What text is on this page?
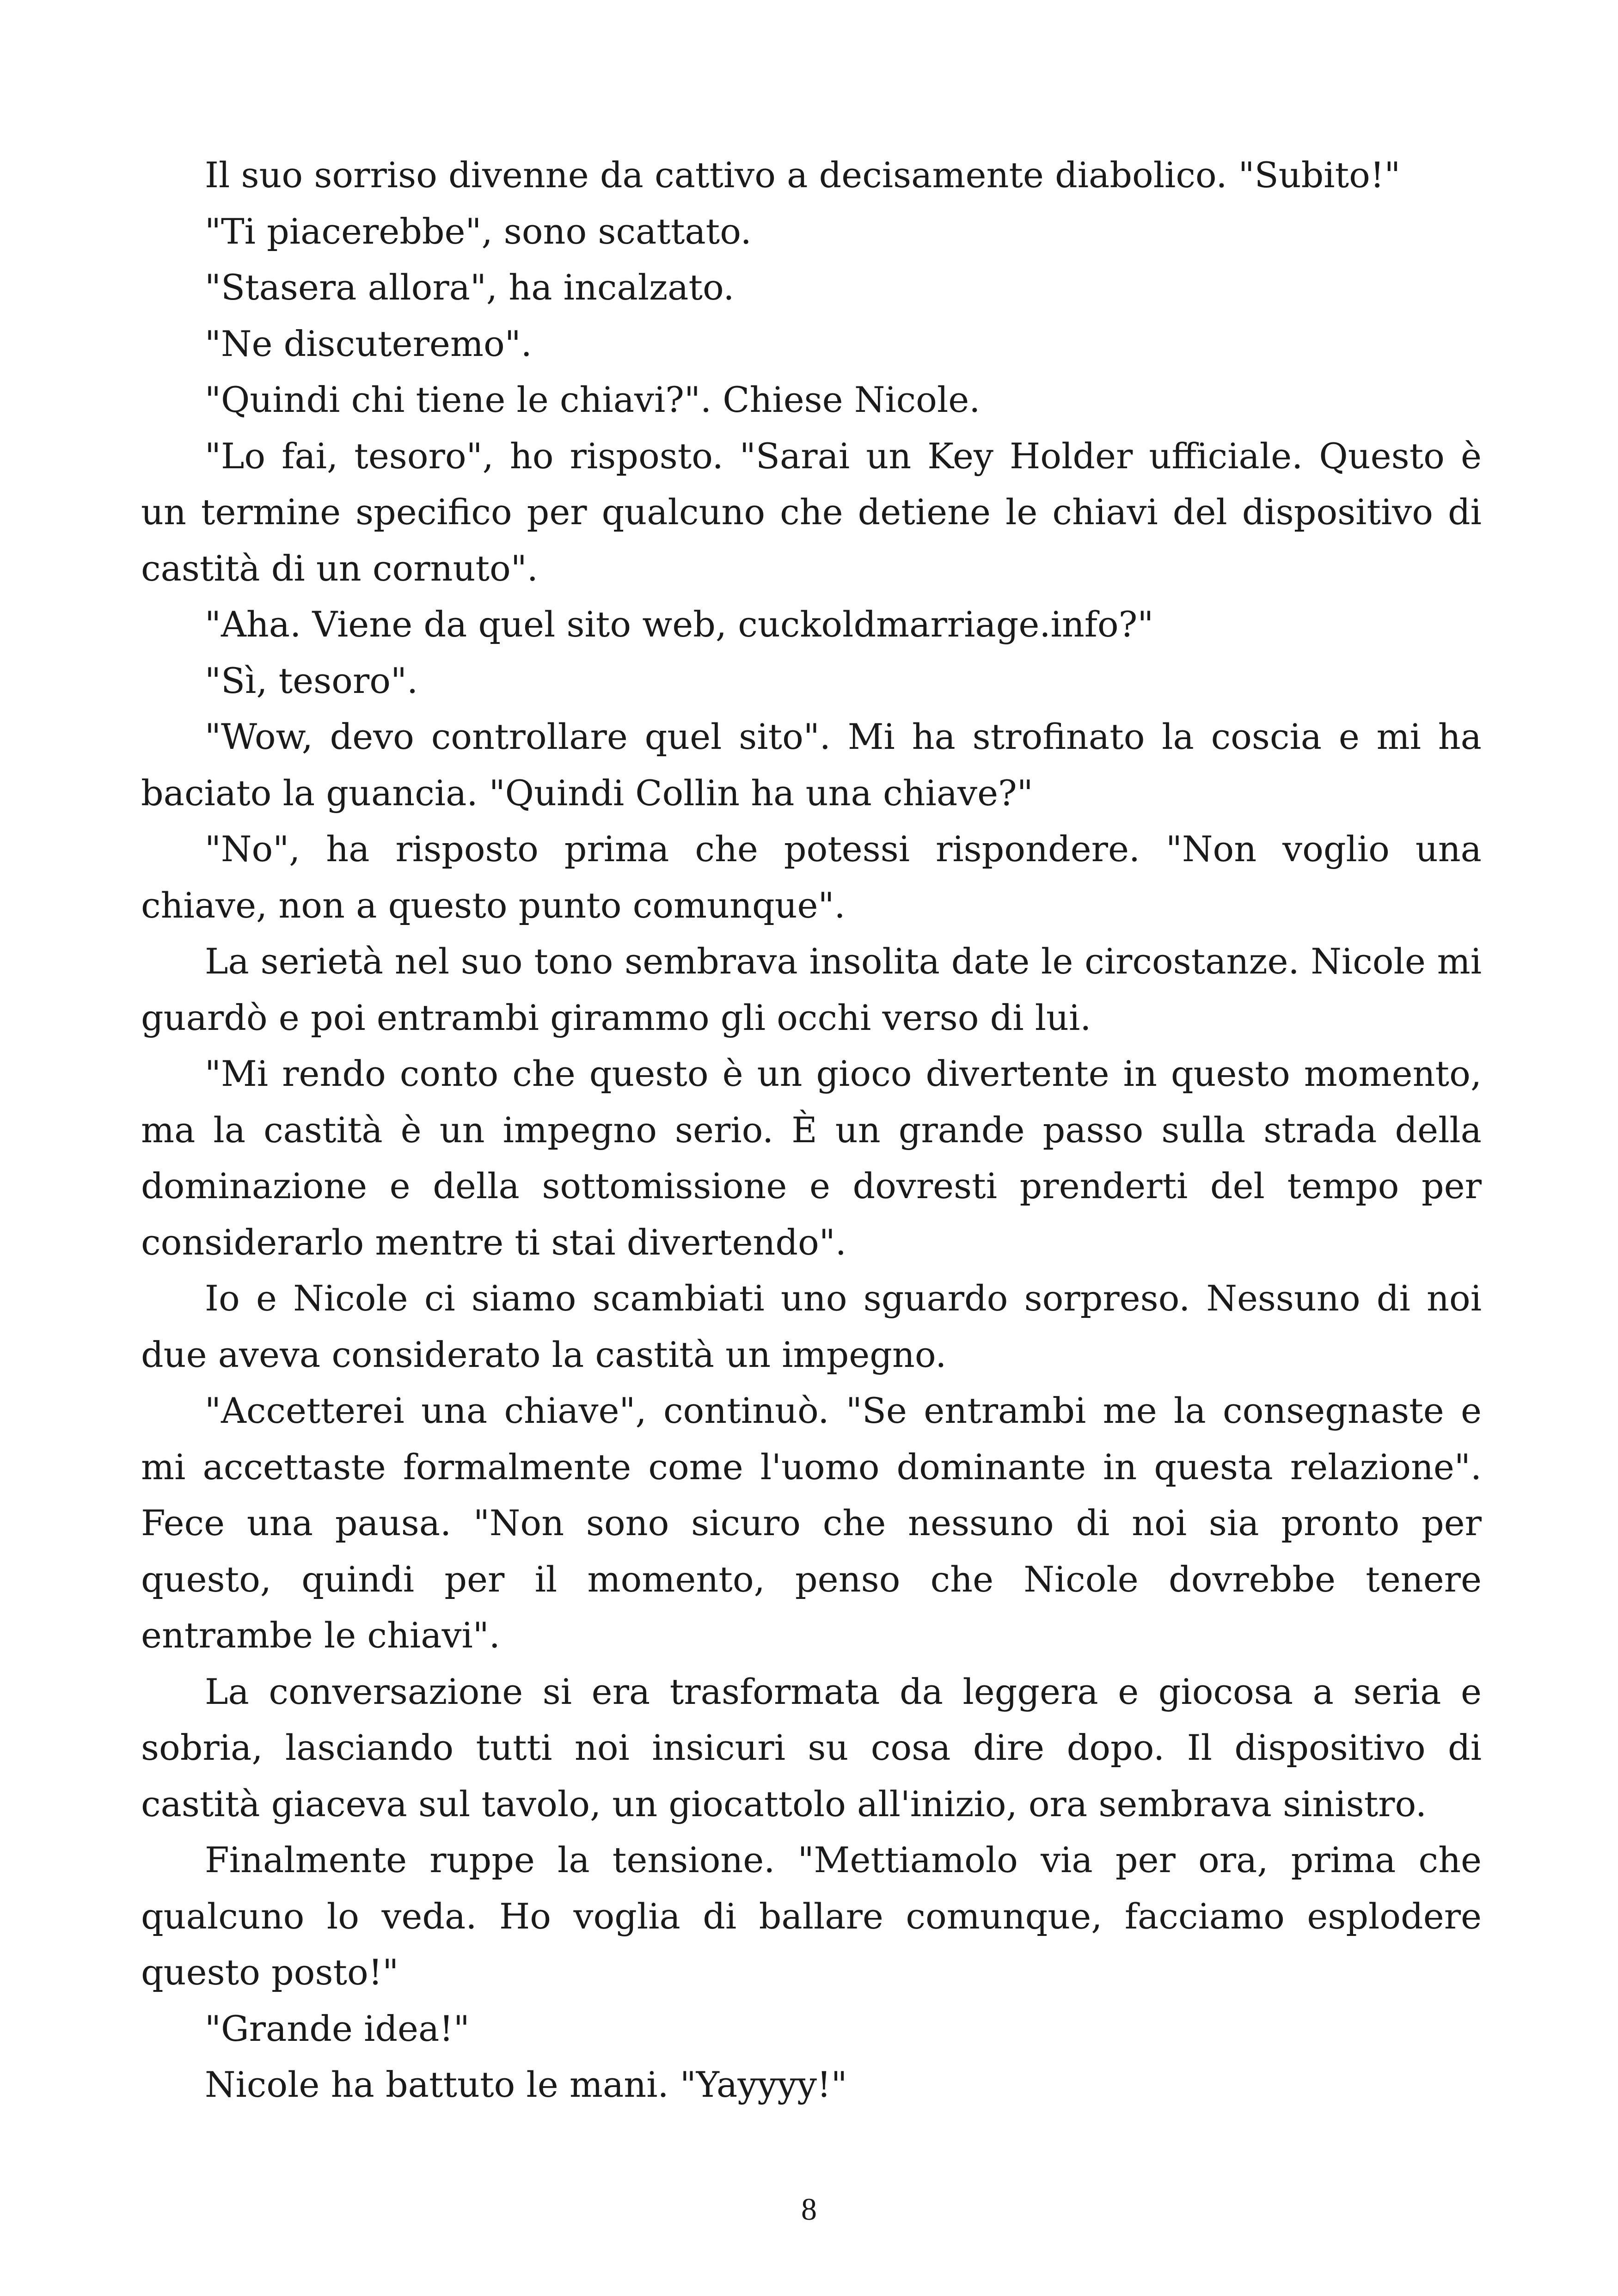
Il suo sorriso divenne da cattivo a decisamente diabolico. "Subito!"

"Ti piacerebbe", sono scattato.

"Stasera allora", ha incalzato.

"Ne discuteremo".

"Quindi chi tiene le chiavi?". Chiese Nicole.

"Lo fai, tesoro", ho risposto. "Sarai un Key Holder ufficiale. Questo è un termine specifico per qualcuno che detiene le chiavi del dispositivo di castità di un cornuto".

"Aha. Viene da quel sito web, cuckoldmarriage.info?"

"Sì, tesoro".

"Wow, devo controllare quel sito". Mi ha strofinato la coscia e mi ha baciato la guancia. "Quindi Collin ha una chiave?"

"No", ha risposto prima che potessi rispondere. "Non voglio una chiave, non a questo punto comunque".

La serietà nel suo tono sembrava insolita date le circostanze. Nicole mi guardò e poi entrambi girammo gli occhi verso di lui.

"Mi rendo conto che questo è un gioco divertente in questo momento, ma la castità è un impegno serio. È un grande passo sulla strada della dominazione e della sottomissione e dovresti prenderti del tempo per considerarlo mentre ti stai divertendo".

Io e Nicole ci siamo scambiati uno sguardo sorpreso. Nessuno di noi due aveva considerato la castità un impegno.

"Accetterei una chiave", continuò. "Se entrambi me la consegnaste e mi accettaste formalmente come l'uomo dominante in questa relazione". Fece una pausa. "Non sono sicuro che nessuno di noi sia pronto per questo, quindi per il momento, penso che Nicole dovrebbe tenere entrambe le chiavi".

La conversazione si era trasformata da leggera e giocosa a seria e sobria, lasciando tutti noi insicuri su cosa dire dopo. Il dispositivo di castità giaceva sul tavolo, un giocattolo all'inizio, ora sembrava sinistro.

Finalmente ruppe la tensione. "Mettiamolo via per ora, prima che qualcuno lo veda. Ho voglia di ballare comunque, facciamo esplodere questo posto!"

"Grande idea!"

Nicole ha battuto le mani. "Yayyyy!"

8
